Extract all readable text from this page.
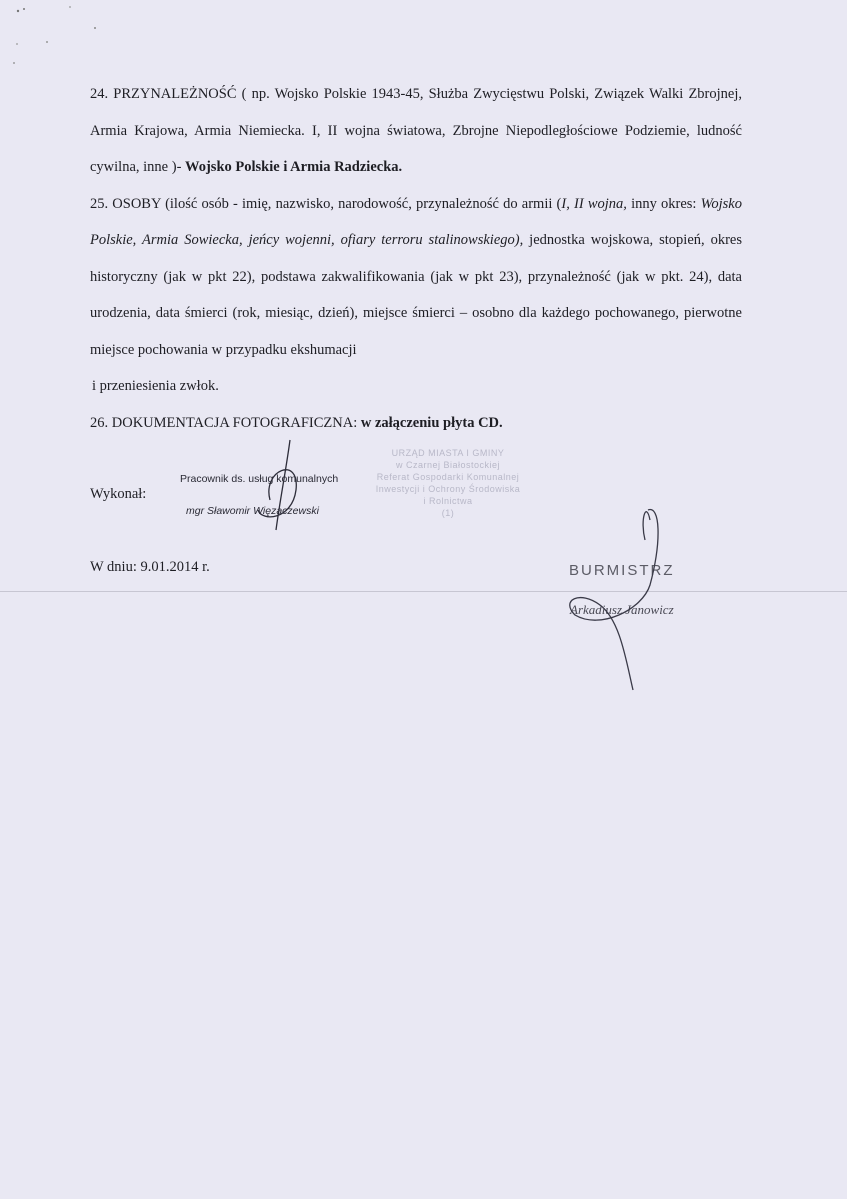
24. PRZYNALEŻNOŚĆ ( np. Wojsko Polskie 1943-45, Służba Zwycięstwu Polski, Związek Walki Zbrojnej, Armia Krajowa, Armia Niemiecka. I, II wojna światowa, Zbrojne Niepodległościowe Podziemie, ludność cywilna, inne )- Wojsko Polskie i Armia Radziecka.

25. OSOBY (ilość osób - imię, nazwisko, narodowość, przynależność do armii (I, II wojna, inny okres: Wojsko Polskie, Armia Sowiecka, jeńcy wojenni, ofiary terroru stalinowskiego), jednostka wojskowa, stopień, okres historyczny (jak w pkt 22), podstawa zakwalifikowania (jak w pkt 23), przynależność (jak w pkt. 24), data urodzenia, data śmierci (rok, miesiąc, dzień), miejsce śmierci – osobno dla każdego pochowanego, pierwotne miejsce pochowania w przypadku ekshumacji

i przeniesienia zwłok.

26. DOKUMENTACJA FOTOGRAFICZNA: w załączeniu płyta CD.

Wykonał:
Pracownik ds. usług komunalnych
mgr Sławomir Więzaczewski
URZĄD MIASTA I GMINY
w Czarnej Białostockiej
Referat Gospodarki Komunalnej
Inwestycji i Ochrony Środowiska
i Rolnictwa
(1)
W dniu: 9.01.2014 r.	BURMISTRZ
Arkadiusz Janowicz
